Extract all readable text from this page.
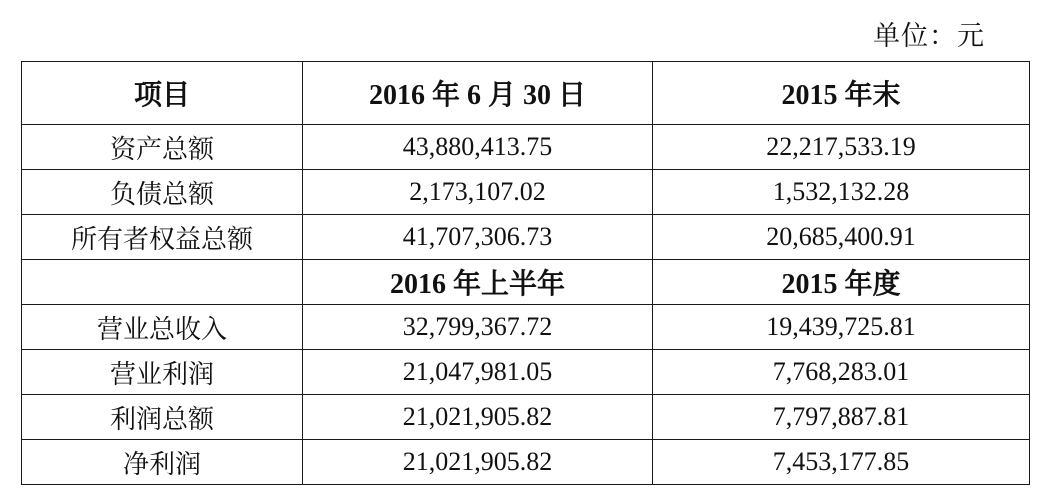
单位：元
项目	2016 年 6 月 30 日	2015 年末
资产总额	43,880,413.75	22,217,533.19
负债总额	2,173,107.02	1,532,132.28
所有者权益总额	41,707,306.73	20,685,400.91
	2016 年上半年	2015 年度
营业总收入	32,799,367.72	19,439,725.81
营业利润	21,047,981.05	7,768,283.01
利润总额	21,021,905.82	7,797,887.81
净利润	21,021,905.82	7,453,177.85
